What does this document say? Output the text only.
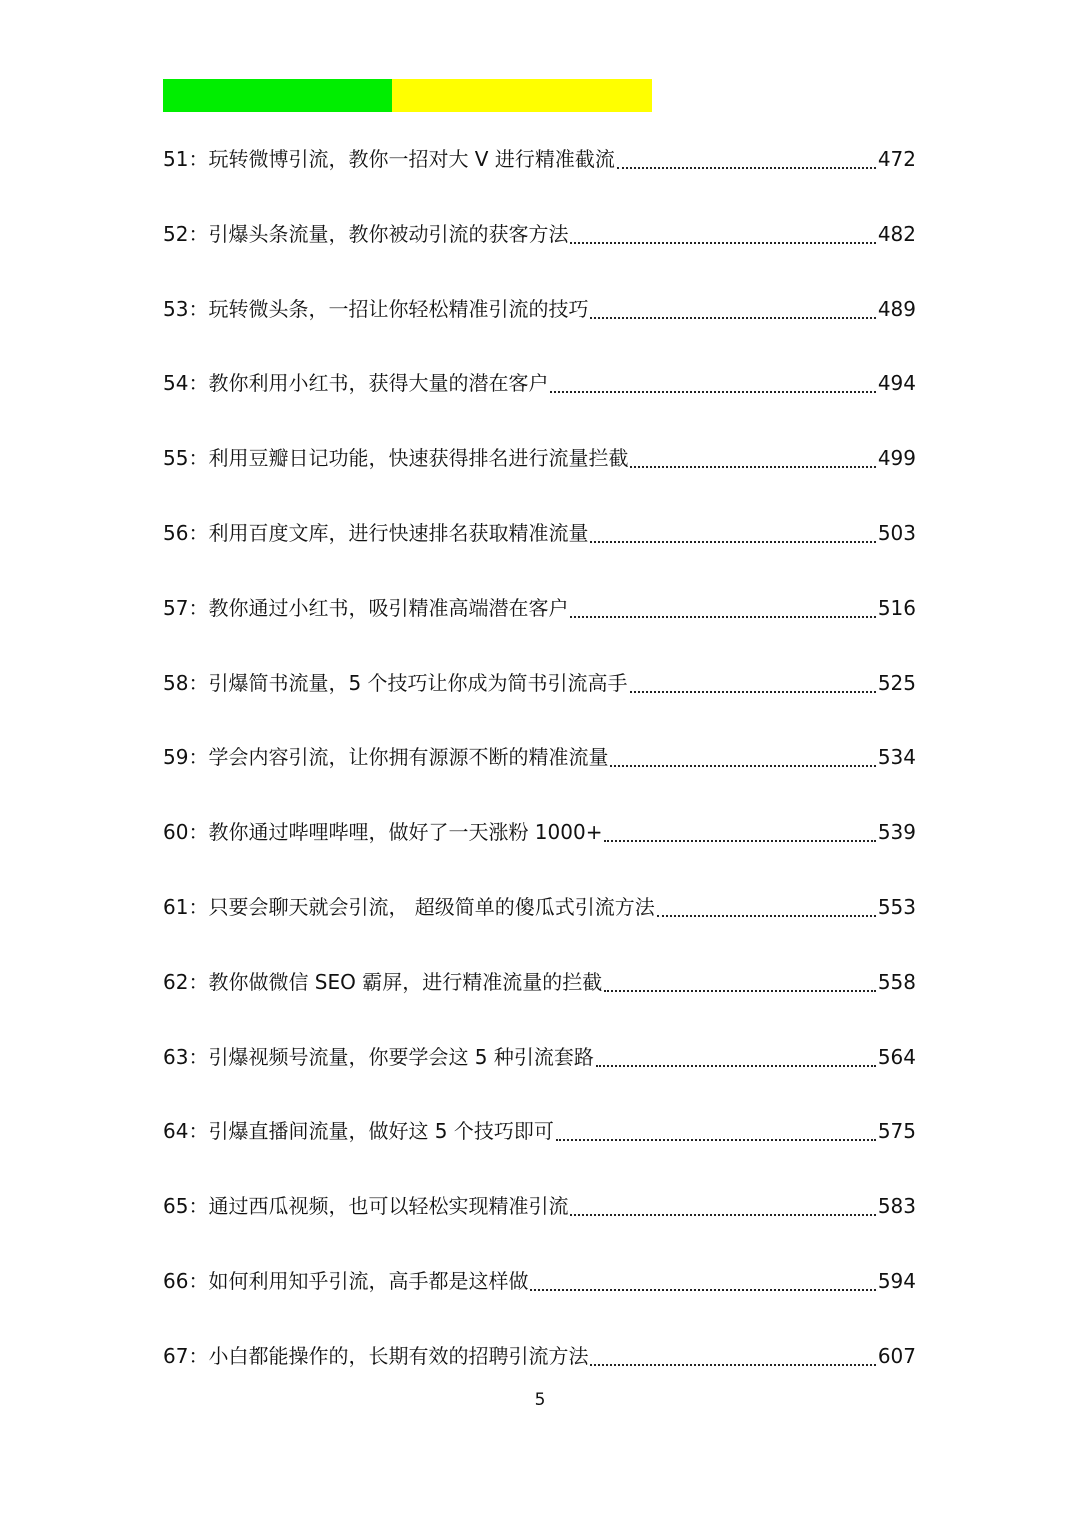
51： 玩转微博引流，教你一招对大 V 进行精准截流	472
52： 引爆头条流量，教你被动引流的获客方法	482
53： 玩转微头条，一招让你轻松精准引流的技巧	489
54： 教你利用小红书，获得大量的潜在客户	494
55： 利用豆瓣日记功能，快速获得排名进行流量拦截	499
56： 利用百度文库，进行快速排名获取精准流量	503
57： 教你通过小红书，吸引精准高端潜在客户	516
58： 引爆简书流量，5 个技巧让你成为简书引流高手	525
59： 学会内容引流，让你拥有源源不断的精准流量	534
60： 教你通过哔哩哔哩，做好了一天涨粉 1000+	539
61： 只要会聊天就会引流， 超级简单的傻瓜式引流方法	553
62： 教你做微信 SEO 霸屏，进行精准流量的拦截	558
63： 引爆视频号流量，你要学会这 5 种引流套路	564
64： 引爆直播间流量，做好这 5 个技巧即可	575
65： 通过西瓜视频，也可以轻松实现精准引流	583
66： 如何利用知乎引流，高手都是这样做	594
67： 小白都能操作的，长期有效的招聘引流方法	607
5
